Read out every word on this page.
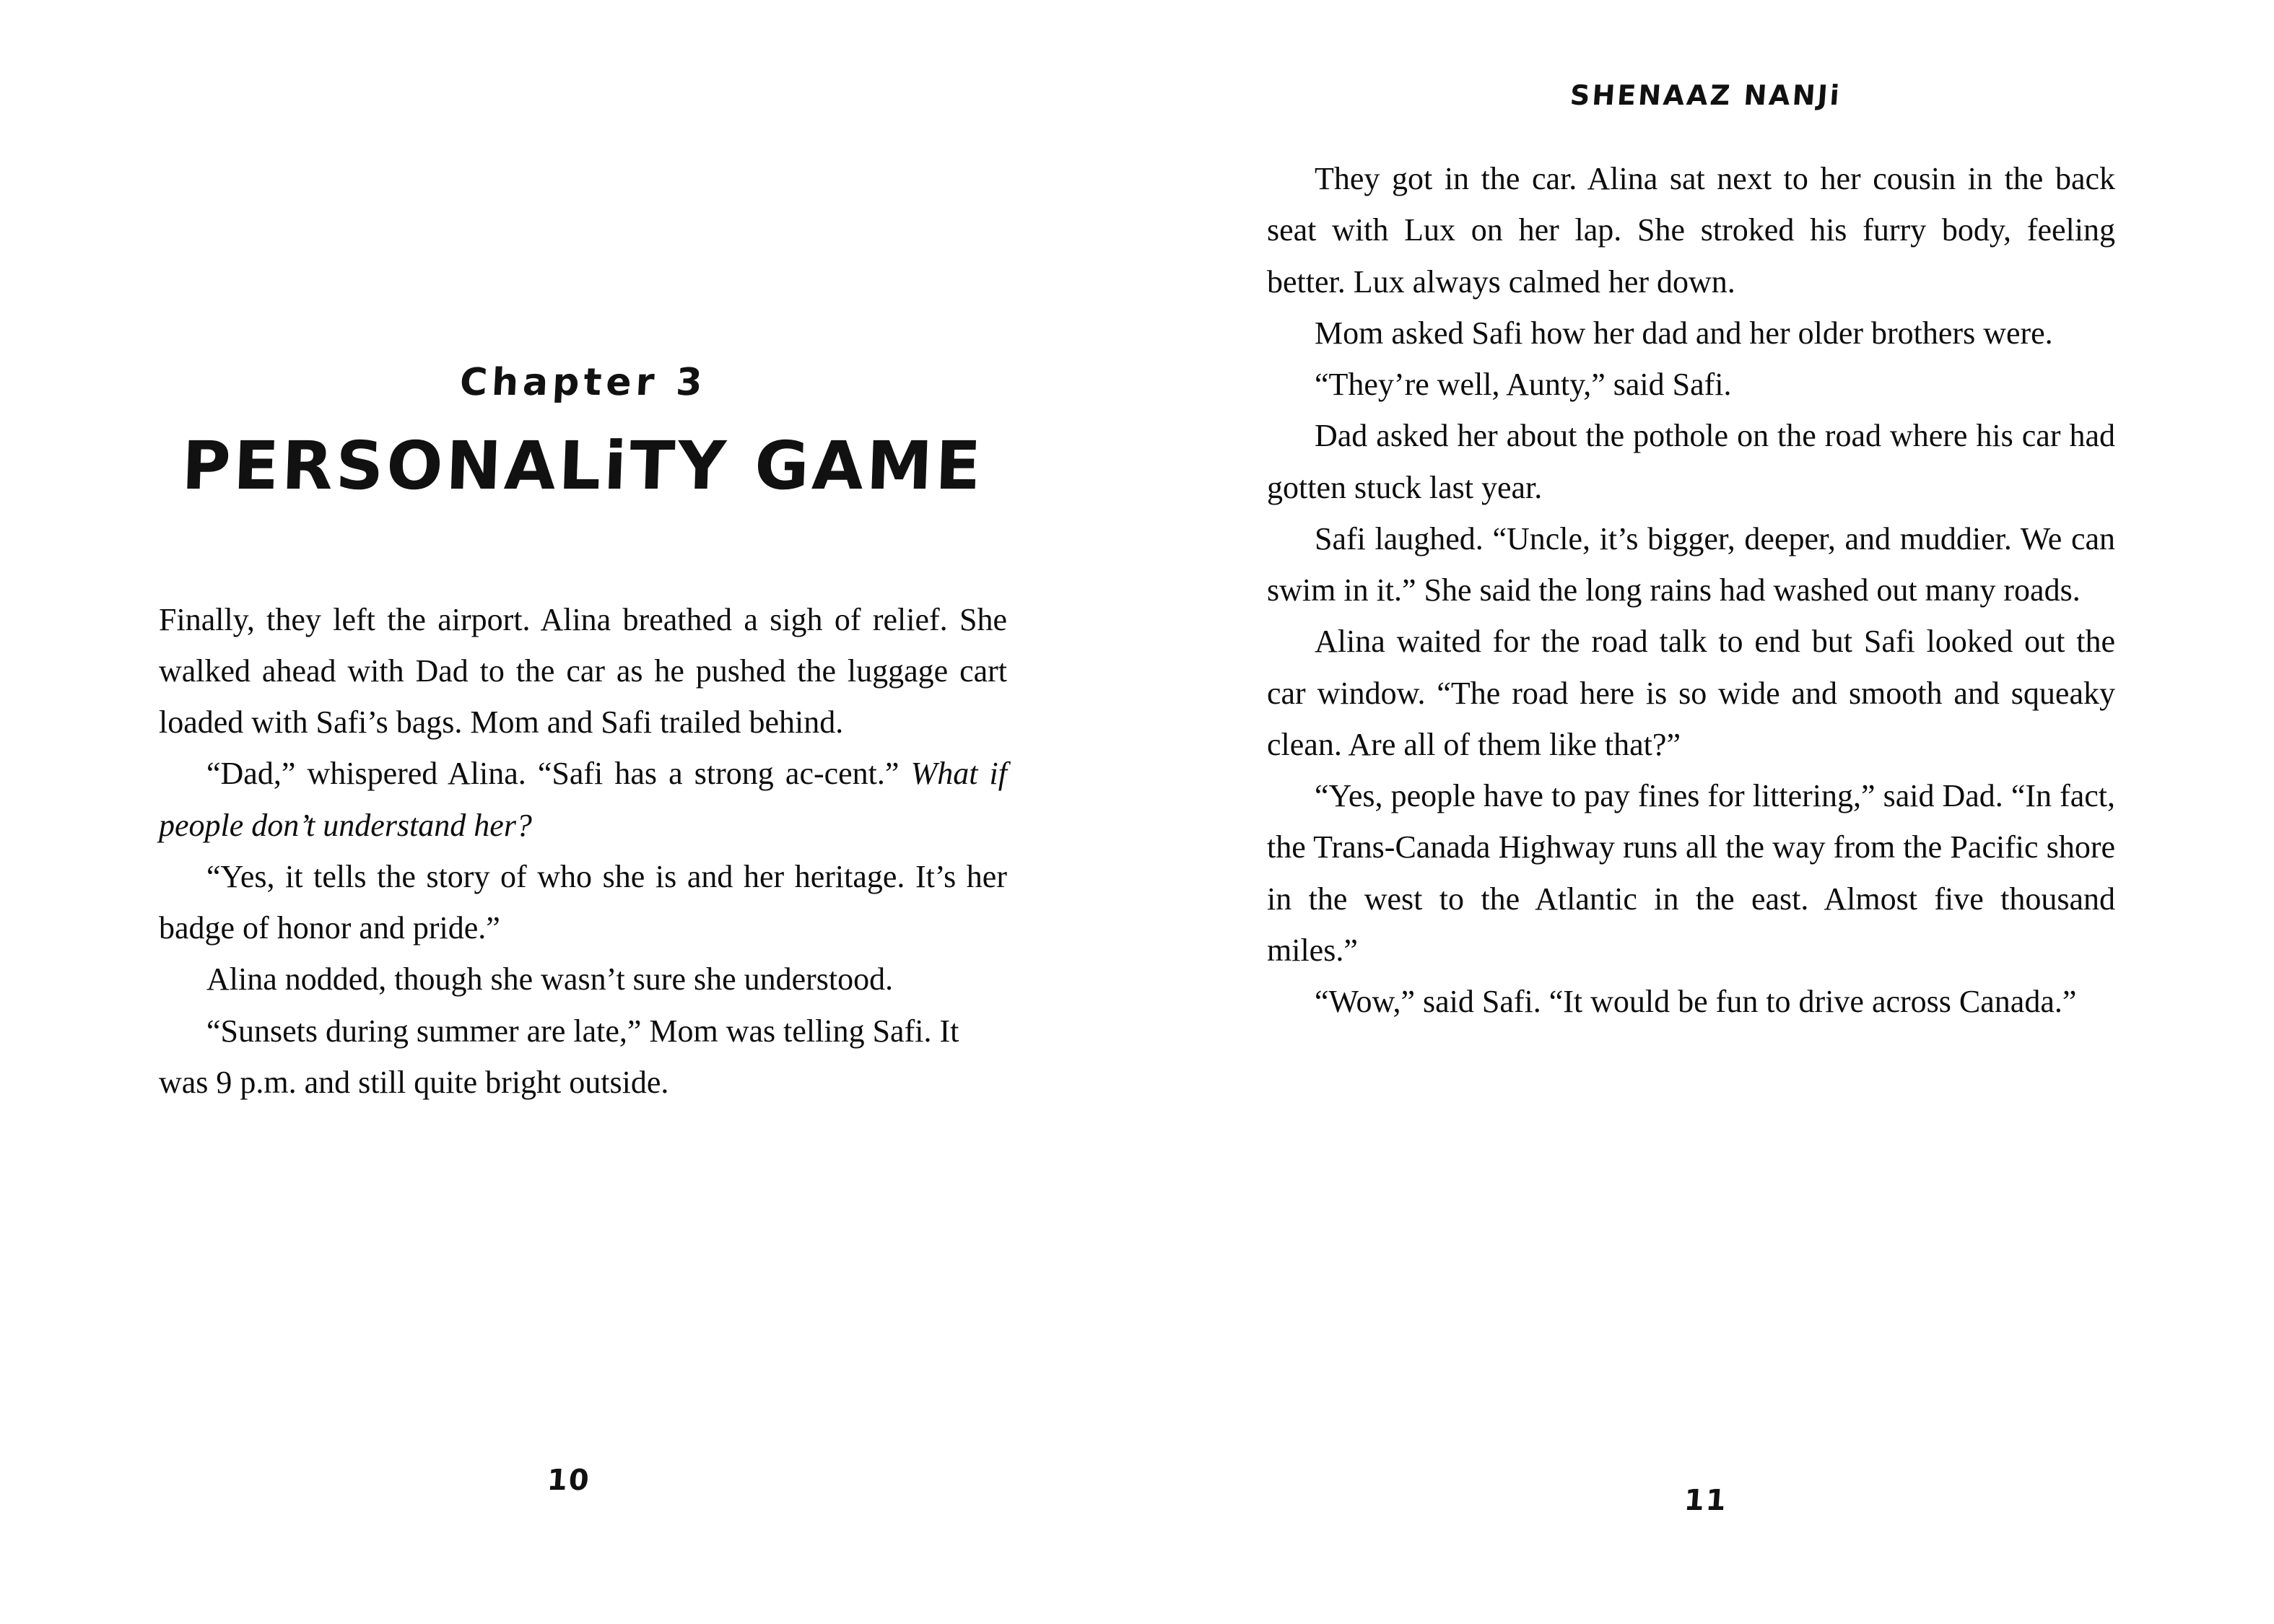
Chapter 3 PERSONALiTY GAME

Finally, they left the airport. Alina breathed a sigh of relief. She walked ahead with Dad to the car as he pushed the luggage cart loaded with Safi’s bags. Mom and Safi trailed behind.

“Dad,” whispered Alina. “Safi has a strong ac-cent.” What if people don’t understand her?

“Yes, it tells the story of who she is and her heritage. It’s her badge of honor and pride.”

Alina nodded, though she wasn’t sure she understood.

“Sunsets during summer are late,” Mom was telling Safi. It was 9 p.m. and still quite bright outside.

10
SHENAAZ NANJi

They got in the car. Alina sat next to her cousin in the back seat with Lux on her lap. She stroked his furry body, feeling better. Lux always calmed her down.

Mom asked Safi how her dad and her older brothers were.

“They’re well, Aunty,” said Safi.

Dad asked her about the pothole on the road where his car had gotten stuck last year.

Safi laughed. “Uncle, it’s bigger, deeper, and muddier. We can swim in it.” She said the long rains had washed out many roads.

Alina waited for the road talk to end but Safi looked out the car window. “The road here is so wide and smooth and squeaky clean. Are all of them like that?”

“Yes, people have to pay fines for littering,” said Dad. “In fact, the Trans-Canada Highway runs all the way from the Pacific shore in the west to the Atlantic in the east. Almost five thousand miles.”

“Wow,” said Safi. “It would be fun to drive across Canada.”

11
